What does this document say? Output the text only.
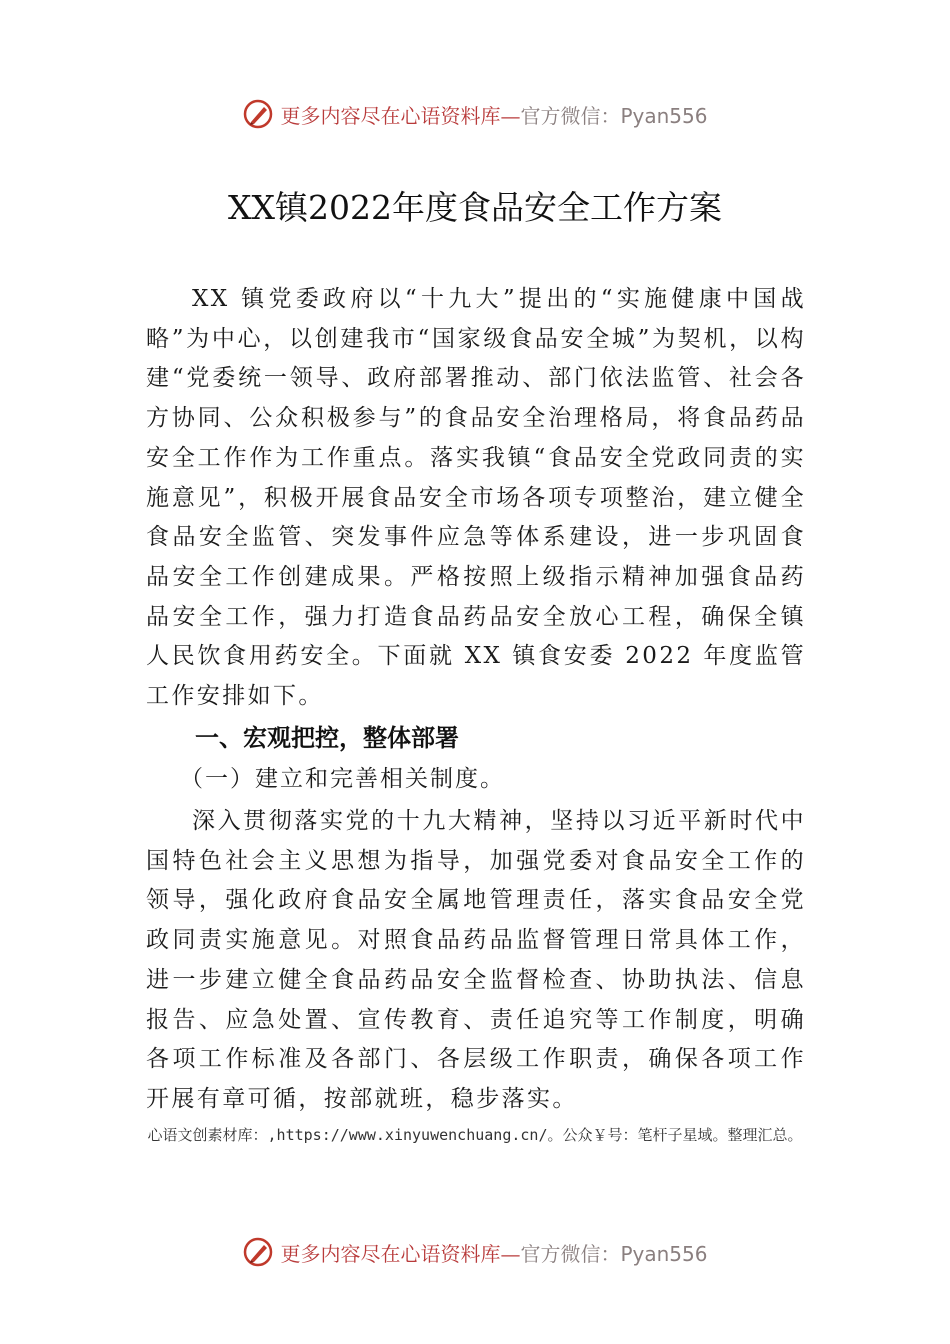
更多内容尽在心语资料库— 官方微信：Pyan556
XX镇2022年度食品安全工作方案
XX 镇党委政府以“十九大”提出的“实施健康中国战略”为中心，以创建我市“国家级食品安全城”为契机，以构建“党委统一领导、政府部署推动、部门依法监管、社会各方协同、公众积极参与”的食品安全治理格局，将食品药品安全工作作为工作重点。落实我镇“食品安全党政同责的实施意见”，积极开展食品安全市场各项专项整治，建立健全食品安全监管、突发事件应急等体系建设，进一步巩固食品安全工作创建成果。严格按照上级指示精神加强食品药品安全工作，强力打造食品药品安全放心工程，确保全镇人民饮食用药安全。下面就 XX 镇食安委 2022 年度监管工作安排如下。
一、宏观把控，整体部署
（一）建立和完善相关制度。
深入贯彻落实党的十九大精神，坚持以习近平新时代中国特色社会主义思想为指导，加强党委对食品安全工作的领导，强化政府食品安全属地管理责任，落实食品安全党政同责实施意见。对照食品药品监督管理日常具体工作，进一步建立健全食品药品安全监督检查、协助执法、信息报告、应急处置、宣传教育、责任追究等工作制度，明确各项工作标准及各部门、各层级工作职责，确保各项工作开展有章可循，按部就班，稳步落实。
心语文创素材库：,https://www.xinyuwenchuang.cn/。公众￥号：笔杆子星域。整理汇总。
更多内容尽在心语资料库— 官方微信：Pyan556
